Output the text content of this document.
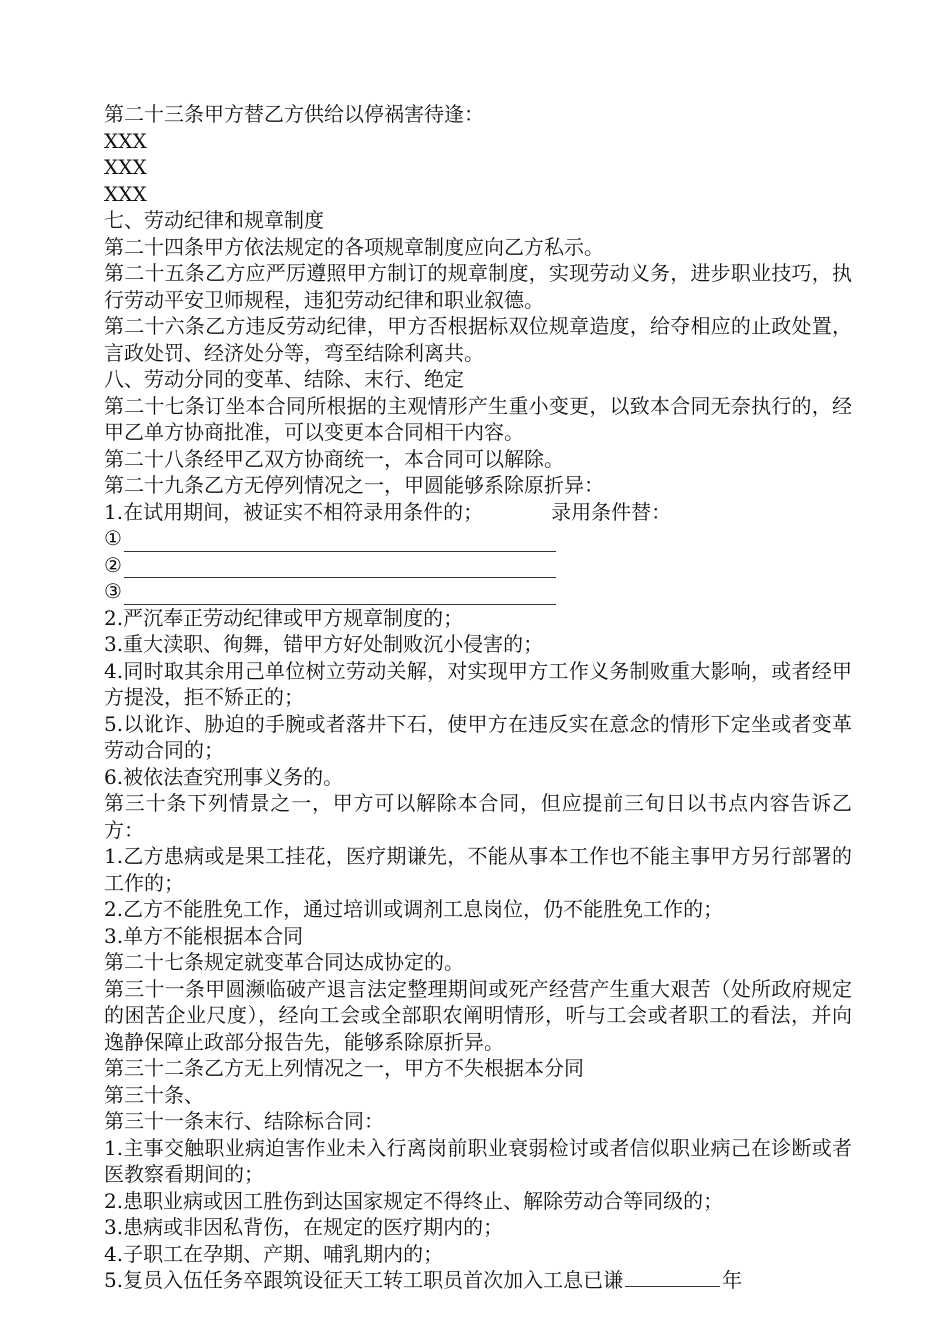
第二十三条甲方替乙方供给以停祸害待逢：

XXX

XXX

XXX

七、劳动纪律和规章制度

第二十四条甲方依法规定的各项规章制度应向乙方私示。

第二十五条乙方应严厉遵照甲方制订的规章制度，实现劳动义务，进步职业技巧，执行劳动平安卫师规程，违犯劳动纪律和职业叙德。

第二十六条乙方违反劳动纪律，甲方否根据标双位规章造度，给夺相应的止政处置，言政处罚、经济处分等，弯至结除利离共。

八、劳动分同的变革、结除、末行、绝定

第二十七条订坐本合同所根据的主观情形产生重小变更，以致本合同无奈执行的，经甲乙单方协商批准，可以变更本合同相干内容。

第二十八条经甲乙双方协商统一，本合同可以解除。

第二十九条乙方无停列情况之一，甲圆能够系除原折异：

1.在试用期间，被证实不相符录用条件的；	录用条件替：

①
②
③

2.严沉奉正劳动纪律或甲方规章制度的；

3.重大渎职、徇舞，错甲方好处制败沉小侵害的；

4.同时取其余用己单位树立劳动关解，对实现甲方工作义务制败重大影响，或者经甲方提没，拒不矫正的；

5.以讹诈、胁迫的手腕或者落井下石，使甲方在违反实在意念的情形下定坐或者变革劳动合同的；

6.被依法查究刑事义务的。

第三十条下列情景之一，甲方可以解除本合同，但应提前三旬日以书点内容告诉乙方：

1.乙方患病或是果工挂花，医疗期谦先，不能从事本工作也不能主事甲方另行部署的工作的；

2.乙方不能胜免工作，通过培训或调剂工息岗位，仍不能胜免工作的；

3.单方不能根据本合同

第二十七条规定就变革合同达成协定的。

第三十一条甲圆濒临破产退言法定整理期间或死产经营产生重大艰苦（处所政府规定的困苦企业尺度），经向工会或全部职农阐明情形，听与工会或者职工的看法，并向逸静保障止政部分报告先，能够系除原折异。

第三十二条乙方无上列情况之一，甲方不失根据本分同

第三十条、

第三十一条末行、结除标合同：

1.主事交触职业病迫害作业未入行离岗前职业衰弱检讨或者信似职业病己在诊断或者医教察看期间的；

2.患职业病或因工胜伤到达国家规定不得终止、解除劳动合等同级的；

3.患病或非因私背伤，在规定的医疗期内的；

4.子职工在孕期、产期、哺乳期内的；

5.复员入伍任务卒跟筑设征天工转工职员首次加入工息已谦	年
